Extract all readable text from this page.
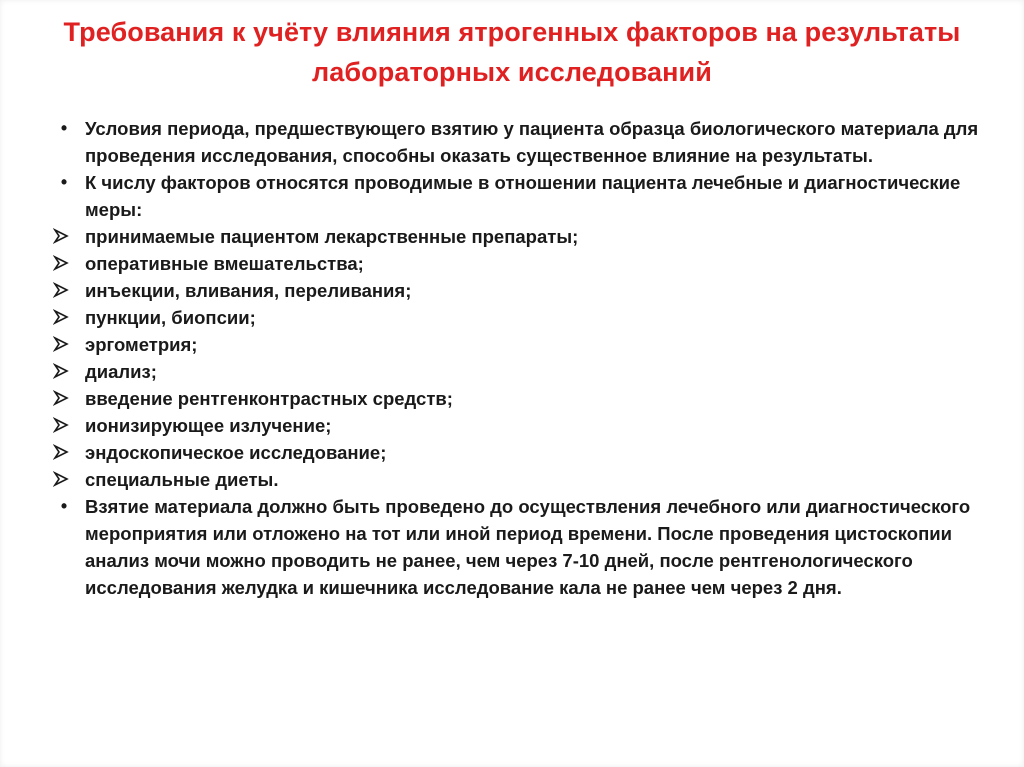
Требования к учёту влияния ятрогенных факторов на результаты лабораторных исследований
• Условия периода, предшествующего взятию у пациента образца биологического материала для проведения исследования, способны оказать существенное влияние на результаты.
• К числу факторов относятся проводимые в отношении пациента лечебные и диагностические меры:
принимаемые пациентом лекарственные препараты;
оперативные вмешательства;
инъекции, вливания, переливания;
пункции, биопсии;
эргометрия;
диализ;
введение рентгенконтрастных средств;
ионизирующее излучение;
эндоскопическое исследование;
специальные диеты.
• Взятие материала должно быть проведено до осуществления лечебного или диагностического мероприятия или отложено на тот или иной период времени. После проведения цистоскопии анализ мочи можно проводить не ранее, чем через 7-10 дней, после рентгенологического исследования желудка и кишечника исследование кала не ранее чем через 2 дня.
